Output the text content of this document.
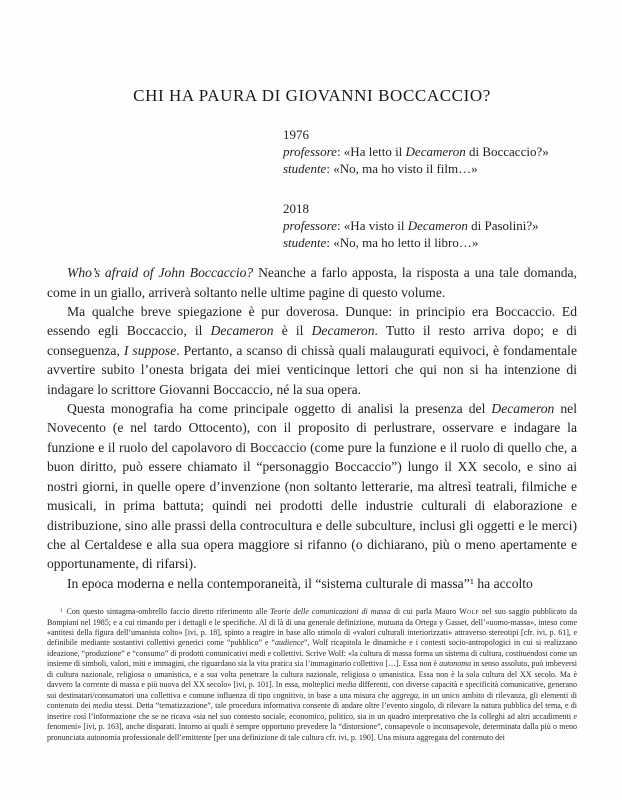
CHI HA PAURA DI GIOVANNI BOCCACCIO?

1976

professore: «Ha letto il Decameron di Boccaccio?»

studente: «No, ma ho visto il film…»

2018

professore: «Ha visto il Decameron di Pasolini?»

studente: «No, ma ho letto il libro…»

Who’s afraid of John Boccaccio? Neanche a farlo apposta, la risposta a una tale domanda, come in un giallo, arriverà soltanto nelle ultime pagine di questo volume.

Ma qualche breve spiegazione è pur doverosa. Dunque: in principio era Boccaccio. Ed essendo egli Boccaccio, il Decameron è il Decameron. Tutto il resto arriva dopo; e di conseguenza, I suppose. Pertanto, a scanso di chissà quali malaugurati equivoci, è fondamentale avvertire subito l’onesta brigata dei miei venticinque lettori che qui non si ha intenzione di indagare lo scrittore Giovanni Boccaccio, né la sua opera.

Questa monografia ha come principale oggetto di analisi la presenza del Decameron nel Novecento (e nel tardo Ottocento), con il proposito di perlustrare, osservare e indagare la funzione e il ruolo del capolavoro di Boccaccio (come pure la funzione e il ruolo di quello che, a buon diritto, può essere chiamato il “personaggio Boccaccio”) lungo il XX secolo, e sino ai nostri giorni, in quelle opere d’invenzione (non soltanto letterarie, ma altresì teatrali, filmiche e musicali, in prima battuta; quindi nei prodotti delle industrie culturali di elaborazione e distribuzione, sino alle prassi della controcultura e delle subculture, inclusi gli oggetti e le merci) che al Certaldese e alla sua opera maggiore si rifanno (o dichiarano, più o meno apertamente e opportunamente, di rifarsi).

In epoca moderna e nella contemporaneità, il “sistema culturale di massa”$^1$ ha accolto

$^1$ Con questo sintagma-ombrello faccio diretto riferimento alle Teorie delle comunicazioni di massa di cui parla Mauro Wolf nel suo saggio pubblicato da Bompiani nel 1985; e a cui rimando per i dettagli e le specifiche. Al di là di una generale definizione, mutuata da Ortega y Gasset, dell’«uomo-massa», inteso come «antitesi della figura dell’umanista colto» [ivi, p. 18], spinto a reagire in base allo stimolo di «valori culturali interiorizzati» attraverso stereotipi [cfr. ivi, p. 61], e definibile mediante sostantivi collettivi generici come “pubblico” e “audience”, Wolf ricapitola le dinamiche e i contesti socio-antropologici in cui si realizzano ideazione, “produzione” e “consumo” di prodotti comunicativi medi e collettivi. Scrive Wolf: «la cultura di massa forma un sistema di cultura, costituendosi come un insieme di simboli, valori, miti e immagini, che riguardano sia la vita pratica sia l’immaginario collettivo […]. Essa non è autonoma in senso assoluto, può imbeversi di cultura nazionale, religiosa o umanistica, e a sua volta penetrare la cultura nazionale, religiosa o umanistica. Essa non è la sola cultura del XX secolo. Ma è davvero la corrente di massa e più nuova del XX secolo» [ivi, p. 101]. In essa, molteplici media differenti, con diverse capacità e specificità comunicative, generano sui destinatari/consumatori una collettiva e comune influenza di tipo cognitivo, in base a una misura che aggrega, in un unico ambito di rilevanza, gli elementi di contenuto dei media stessi. Detta “tematizzazione”, tale procedura informativa consente di andare oltre l’evento singolo, di rilevare la natura pubblica del tema, e di inserire così l’informazione che se ne ricava «sia nel suo contesto sociale, economico, politico, sia in un quadro interpretativo che la colleghi ad altri accadimenti e fenomeni» [ivi, p. 163], anche disparati. Intorno ai quali è sempre opportuno prevedere la “distorsione”, consapevole o inconsapevole, determinata dalla più o meno pronunciata autonomia professionale dell’emittente [per una definizione di tale cultura cfr. ivi, p. 190]. Una misura aggregata del contenuto dei
